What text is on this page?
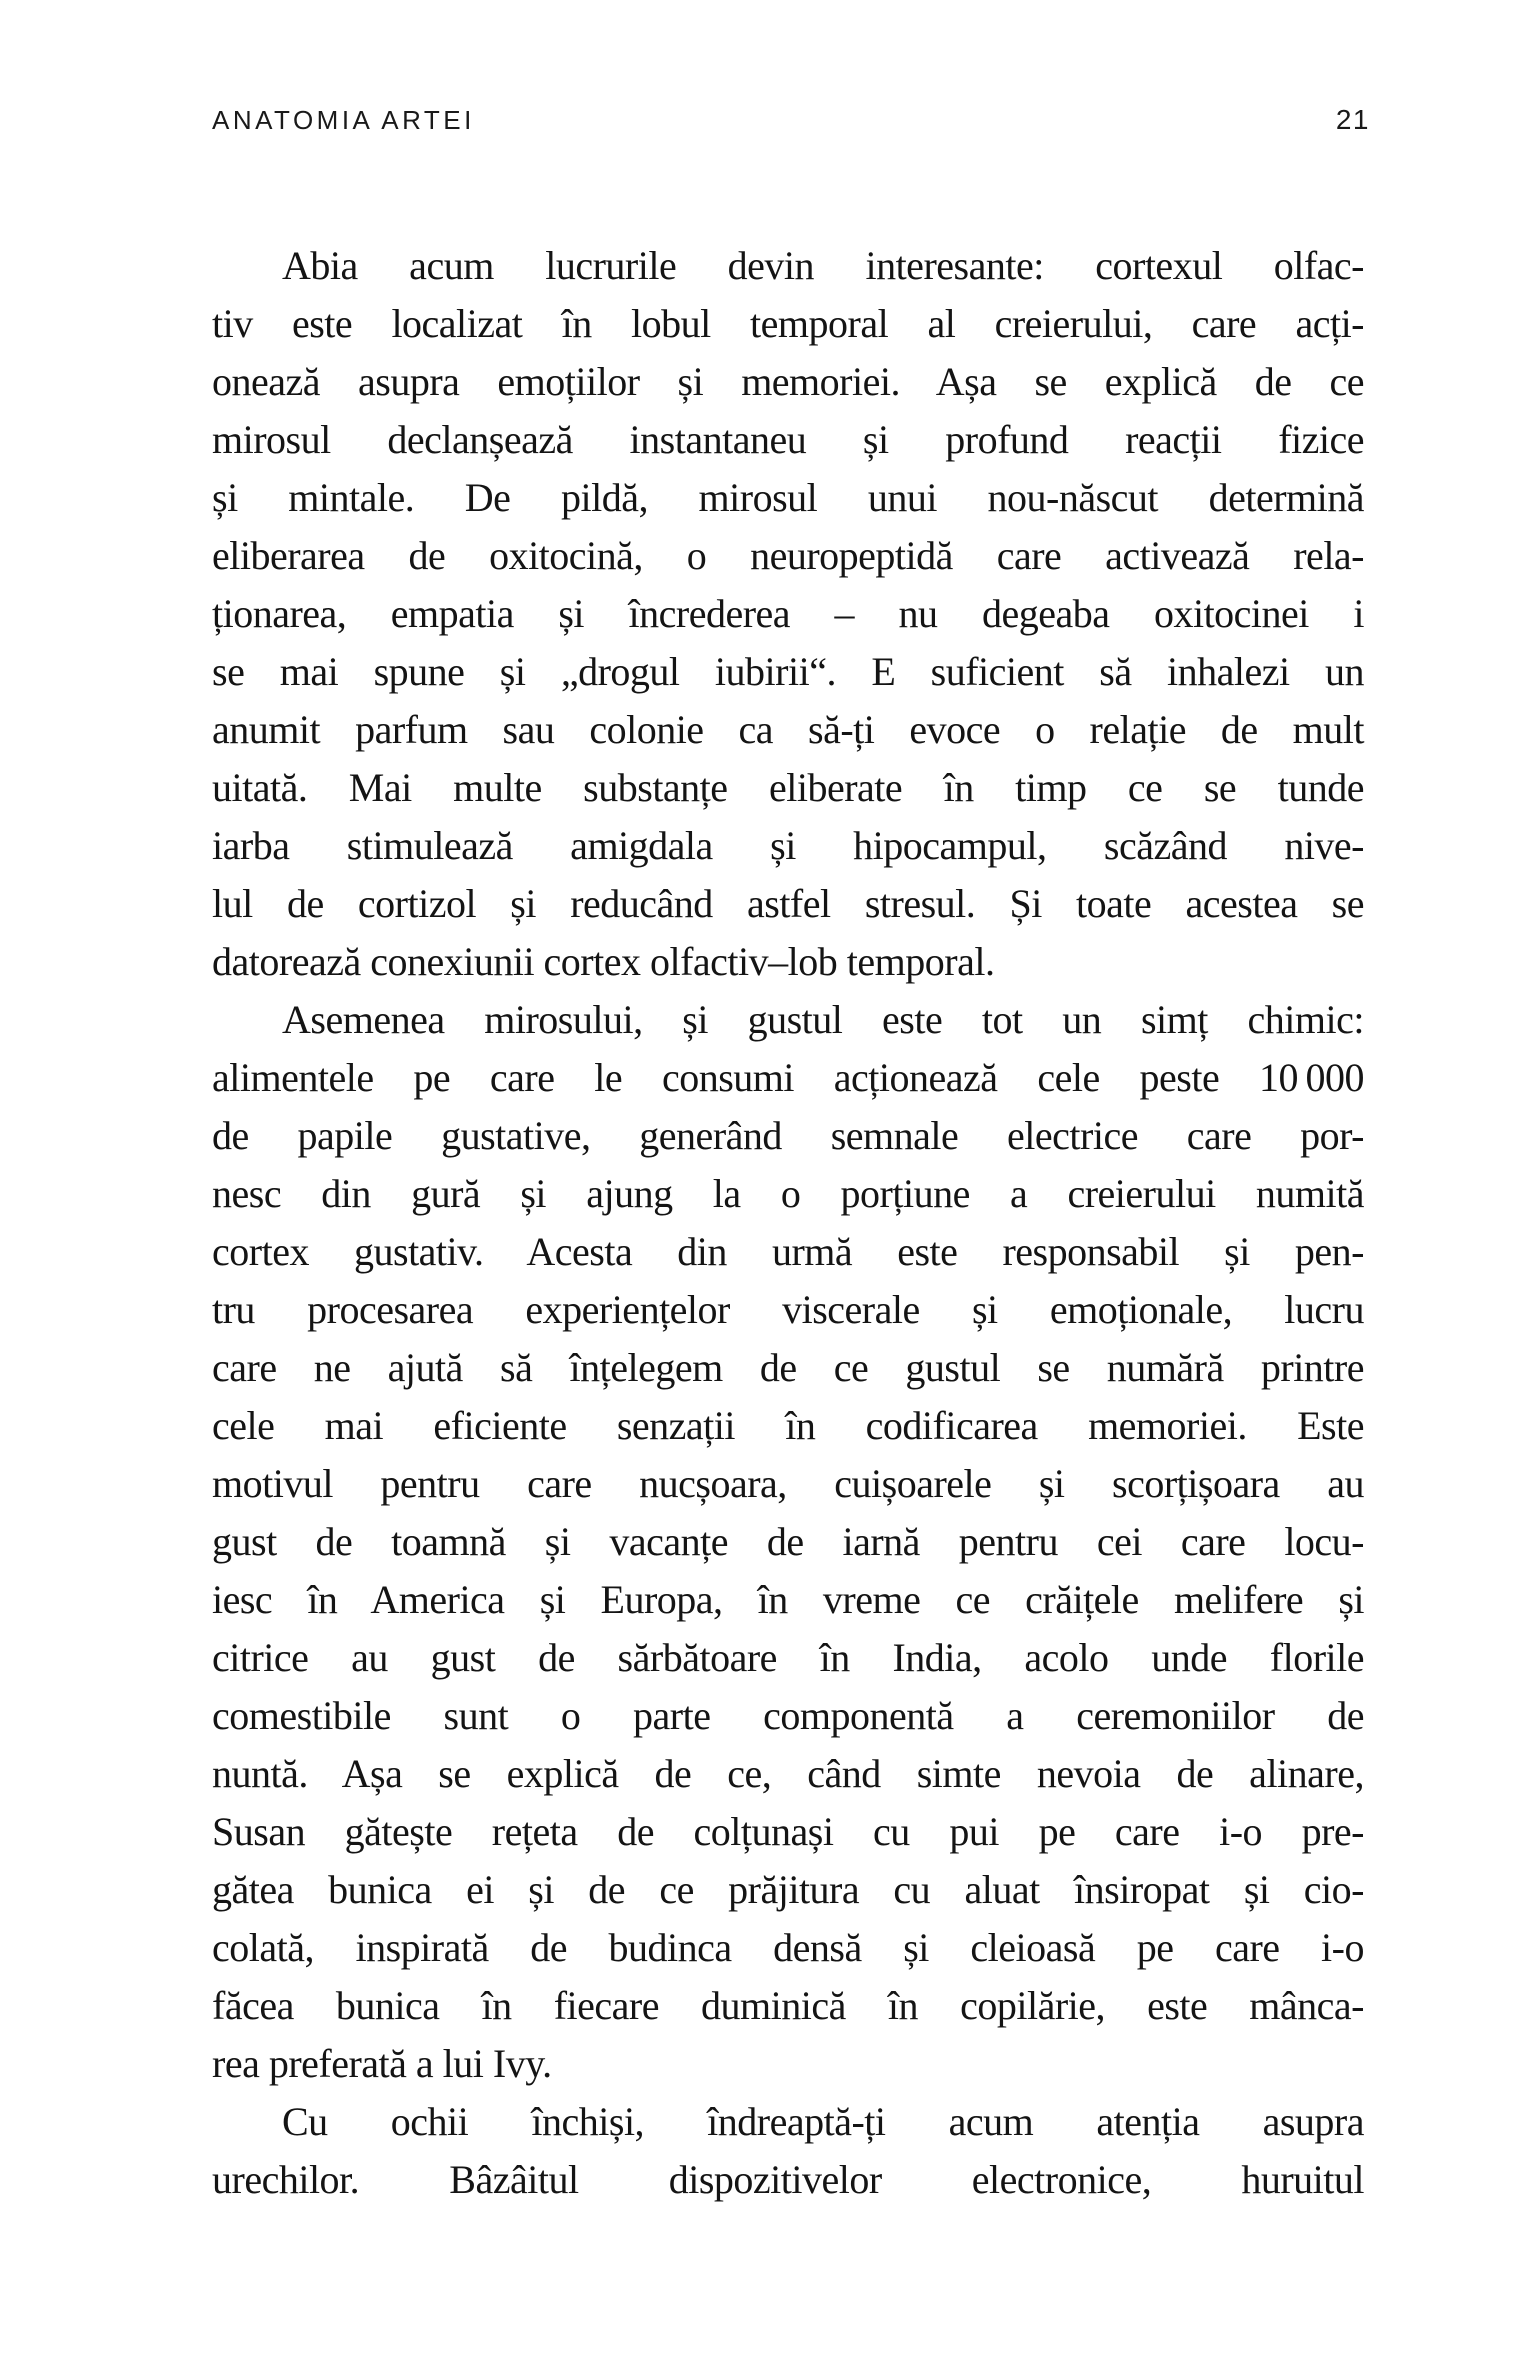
ANATOMIA ARTEI	21
Abia acum lucrurile devin interesante: cortexul olfac-
tiv este localizat în lobul temporal al creierului, care acți-
onează asupra emoțiilor și memoriei. Așa se explică de ce
mirosul declanșează instantaneu și profund reacții fizice
și mintale. De pildă, mirosul unui nou-născut determină
eliberarea de oxitocină, o neuropeptidă care activează rela-
ționarea, empatia și încrederea – nu degeaba oxitocinei i
se mai spune și „drogul iubirii“. E suficient să inhalezi un
anumit parfum sau colonie ca să-ți evoce o relație de mult
uitată. Mai multe substanțe eliberate în timp ce se tunde
iarba stimulează amigdala și hipocampul, scăzând nive-
lul de cortizol și reducând astfel stresul. Și toate acestea se
datorează conexiunii cortex olfactiv–lob temporal.
Asemenea mirosului, și gustul este tot un simț chimic:
alimentele pe care le consumi acționează cele peste 10 000
de papile gustative, generând semnale electrice care por-
nesc din gură și ajung la o porțiune a creierului numită
cortex gustativ. Acesta din urmă este responsabil și pen-
tru procesarea experiențelor viscerale și emoționale, lucru
care ne ajută să înțelegem de ce gustul se numără printre
cele mai eficiente senzații în codificarea memoriei. Este
motivul pentru care nucșoara, cuișoarele și scorțișoara au
gust de toamnă și vacanțe de iarnă pentru cei care locu-
iesc în America și Europa, în vreme ce crăițele melifere și
citrice au gust de sărbătoare în India, acolo unde florile
comestibile sunt o parte componentă a ceremoniilor de
nuntă. Așa se explică de ce, când simte nevoia de alinare,
Susan gătește rețeta de colțunași cu pui pe care i-o pre-
gătea bunica ei și de ce prăjitura cu aluat însiropat și cio-
colată, inspirată de budinca densă și cleioasă pe care i-o
făcea bunica în fiecare duminică în copilărie, este mânca-
rea preferată a lui Ivy.
Cu ochii închiși, îndreaptă-ți acum atenția asupra
urechilor. Bâzâitul dispozitivelor electronice, huruitul
